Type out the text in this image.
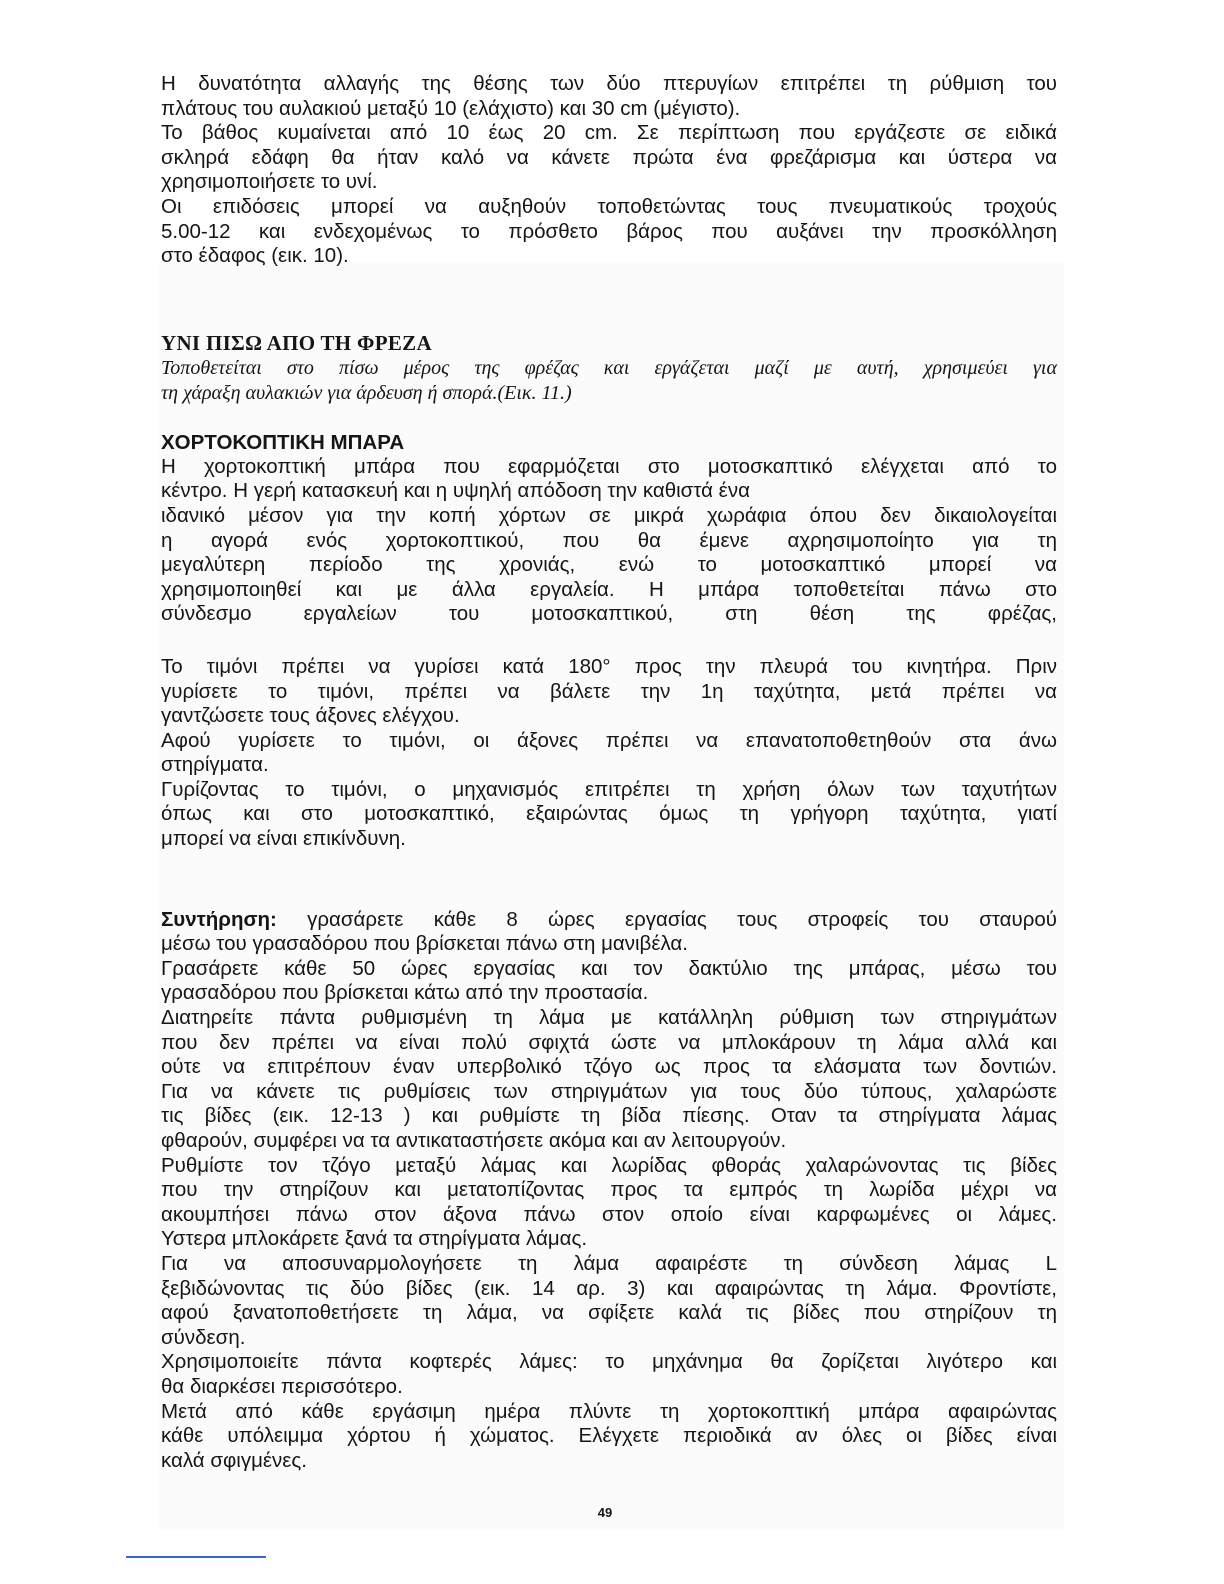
Η δυνατότητα αλλαγής της θέσης των δύο πτερυγίων επιτρέπει τη ρύθμιση του
πλάτους του αυλακιού μεταξύ 10 (ελάχιστο) και 30 cm (μέγιστο).
Το βάθος κυμαίνεται από 10 έως 20 cm. Σε περίπτωση που εργάζεστε σε ειδικά
σκληρά εδάφη θα ήταν καλό να κάνετε πρώτα ένα φρεζάρισμα και ύστερα να
χρησιμοποιήσετε το υνί.
Οι επιδόσεις μπορεί να αυξηθούν τοποθετώντας τους πνευματικούς τροχούς
5.00-12 και ενδεχομένως το πρόσθετο βάρος που αυξάνει την προσκόλληση
στο έδαφος (εικ. 10).
ΥΝΙ ΠΙΣΩ ΑΠΟ ΤΗ ΦΡΕΖΑ
Τοποθετείται στο πίσω μέρος της φρέζας και εργάζεται μαζί με αυτή, χρησιμεύει για
τη χάραξη αυλακιών για άρδευση ή σπορά.(Εικ. 11.)
ΧΟΡΤΟΚΟΠΤΙΚΗ ΜΠΑΡΑ
Η χορτοκοπτική μπάρα που εφαρμόζεται στο μοτοσκαπτικό ελέγχεται από το
κέντρο. Η γερή κατασκευή και η υψηλή απόδοση την καθιστά ένα
ιδανικό μέσον για την κοπή χόρτων σε μικρά χωράφια όπου δεν δικαιολογείται
η αγορά ενός χορτοκοπτικού, που θα έμενε αχρησιμοποίητο για τη
μεγαλύτερη περίοδο της χρονιάς, ενώ το μοτοσκαπτικό μπορεί να
χρησιμοποιηθεί και με άλλα εργαλεία. Η μπάρα τοποθετείται πάνω στο
σύνδεσμο εργαλείων του μοτοσκαπτικού, στη θέση της φρέζας,
Το τιμόνι πρέπει να γυρίσει κατά 180° προς την πλευρά του κινητήρα. Πριν
γυρίσετε το τιμόνι, πρέπει να βάλετε την 1η ταχύτητα, μετά πρέπει να
γαντζώσετε τους άξονες ελέγχου.
Αφού γυρίσετε το τιμόνι, οι άξονες πρέπει να επανατοποθετηθούν στα άνω
στηρίγματα.
Γυρίζοντας το τιμόνι, ο μηχανισμός επιτρέπει τη χρήση όλων των ταχυτήτων
όπως και στο μοτοσκαπτικό, εξαιρώντας όμως τη γρήγορη ταχύτητα, γιατί
μπορεί να είναι επικίνδυνη.
Συντήρηση: γρασάρετε κάθε 8 ώρες εργασίας τους στροφείς του σταυρού
μέσω του γρασαδόρου που βρίσκεται πάνω στη μανιβέλα.
Γρασάρετε κάθε 50 ώρες εργασίας και τον δακτύλιο της μπάρας, μέσω του
γρασαδόρου που βρίσκεται κάτω από την προστασία.
Διατηρείτε πάντα ρυθμισμένη τη λάμα με κατάλληλη ρύθμιση των στηριγμάτων
που δεν πρέπει να είναι πολύ σφιχτά ώστε να μπλοκάρουν τη λάμα αλλά και
ούτε να επιτρέπουν έναν υπερβολικό τζόγο ως προς τα ελάσματα των δοντιών.
Για να κάνετε τις ρυθμίσεις των στηριγμάτων για τους δύο τύπους, χαλαρώστε
τις βίδες (εικ. 12-13 ) και ρυθμίστε τη βίδα πίεσης. Οταν τα στηρίγματα λάμας
φθαρούν, συμφέρει να τα αντικαταστήσετε ακόμα και αν λειτουργούν.
Ρυθμίστε τον τζόγο μεταξύ λάμας και λωρίδας φθοράς χαλαρώνοντας τις βίδες
που την στηρίζουν και μετατοπίζοντας προς τα εμπρός τη λωρίδα μέχρι να
ακουμπήσει πάνω στον άξονα πάνω στον οποίο είναι καρφωμένες οι λάμες.
Υστερα μπλοκάρετε ξανά τα στηρίγματα λάμας.
Για να αποσυναρμολογήσετε τη λάμα αφαιρέστε τη σύνδεση λάμας L
ξεβιδώνοντας τις δύο βίδες (εικ. 14 αρ. 3) και αφαιρώντας τη λάμα. Φροντίστε,
αφού ξανατοποθετήσετε τη λάμα, να σφίξετε καλά τις βίδες που στηρίζουν τη
σύνδεση.
Χρησιμοποιείτε πάντα κοφτερές λάμες: το μηχάνημα θα ζορίζεται λιγότερο και
θα διαρκέσει περισσότερο.
Μετά από κάθε εργάσιμη ημέρα πλύντε τη χορτοκοπτική μπάρα αφαιρώντας
κάθε υπόλειμμα χόρτου ή χώματος. Ελέγχετε περιοδικά αν όλες οι βίδες είναι
καλά σφιγμένες.
49
